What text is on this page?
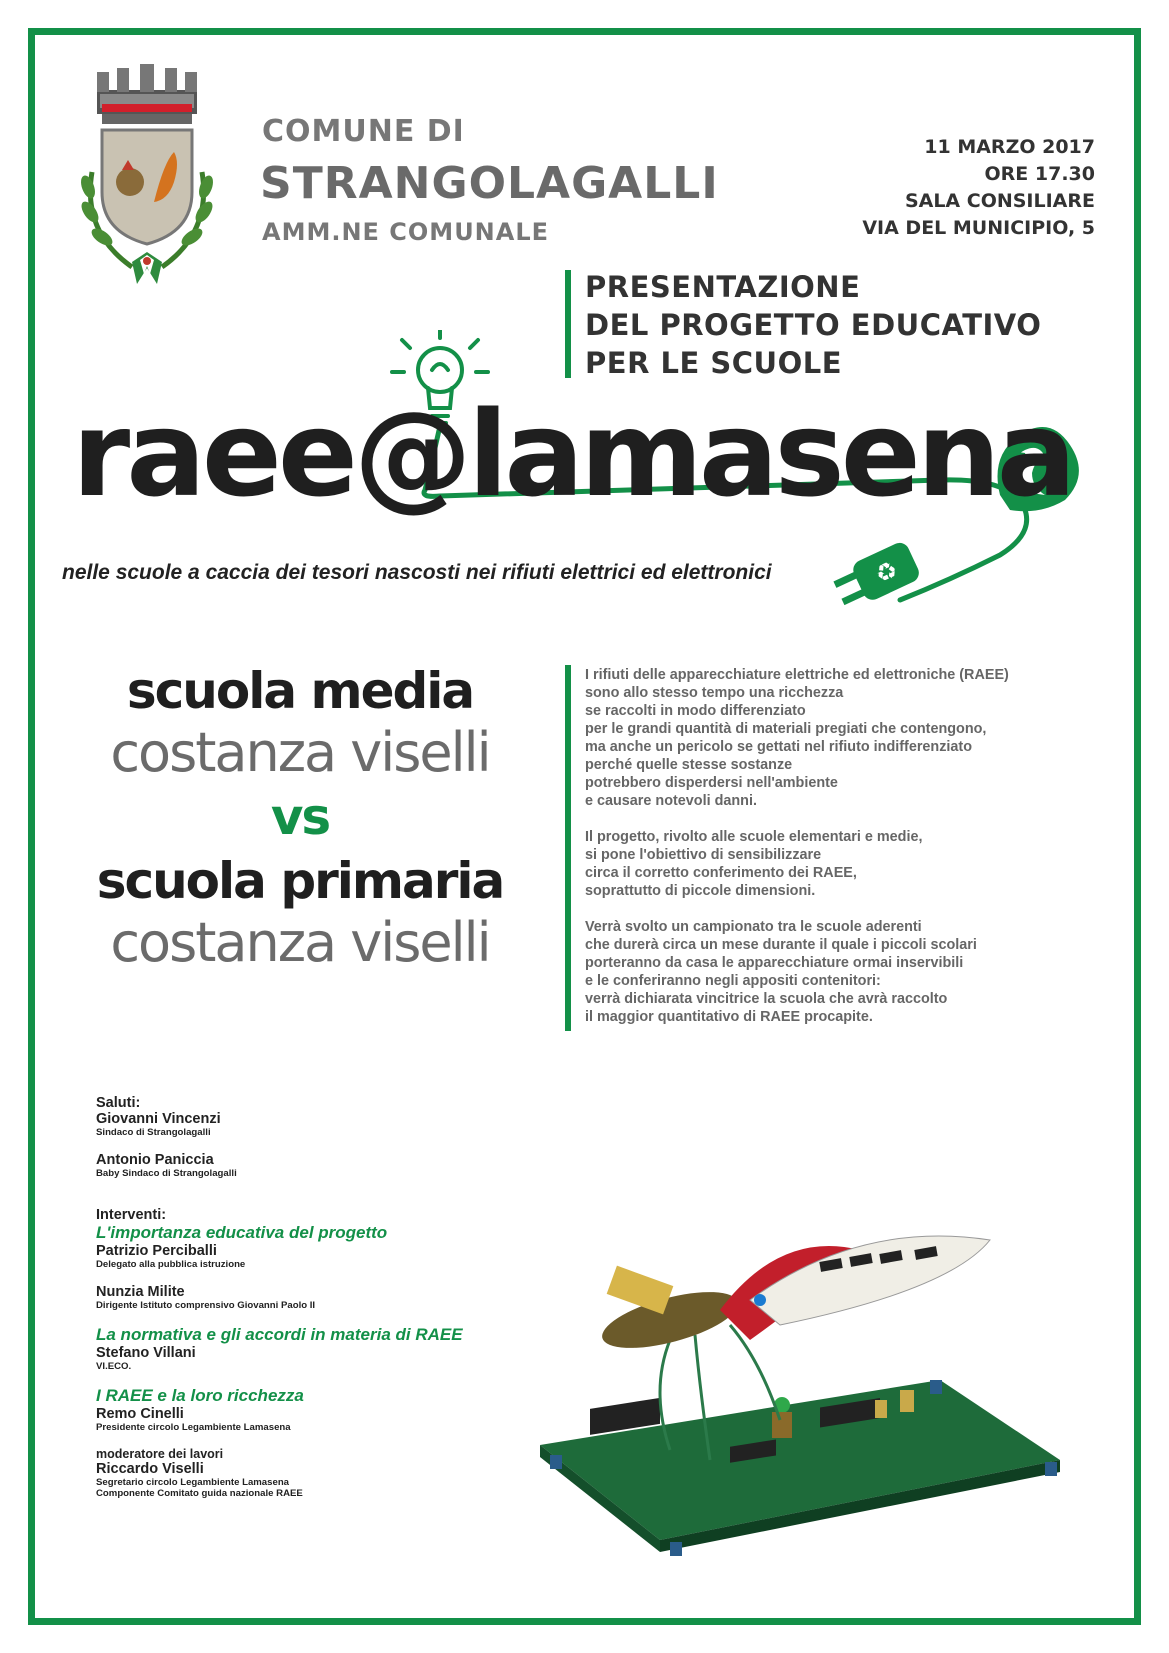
COMUNE DI
STRANGOLAGALLI
AMM.NE COMUNALE
11 MARZO 2017
ORE 17.30
SALA CONSILIARE
VIA DEL MUNICIPIO, 5
PRESENTAZIONE
DEL PROGETTO EDUCATIVO
PER LE SCUOLE
♻
raee@lamasena
nelle scuole a caccia dei tesori nascosti nei rifiuti elettrici ed elettronici
scuola media
costanza viselli
vs
scuola primaria
costanza viselli

I rifiuti delle apparecchiature elettriche ed elettroniche (RAEE)
sono allo stesso tempo una ricchezza
se raccolti in modo differenziato
per le grandi quantità di materiali pregiati che contengono,
ma anche un pericolo se gettati nel rifiuto indifferenziato
perché quelle stesse sostanze
potrebbero disperdersi nell'ambiente
e causare notevoli danni.

Il progetto, rivolto alle scuole elementari e medie,
si pone l'obiettivo di sensibilizzare
circa il corretto conferimento dei RAEE,
soprattutto di piccole dimensioni.

Verrà svolto un campionato tra le scuole aderenti
che durerà circa un mese durante il quale i piccoli scolari
porteranno da casa le apparecchiature ormai inservibili
e le conferiranno negli appositi contenitori:
verrà dichiarata vincitrice la scuola che avrà raccolto
il maggior quantitativo di RAEE procapite.

Saluti:
Giovanni Vincenzi
Sindaco di Strangolagalli
Antonio Paniccia
Baby Sindaco di Strangolagalli
Interventi:
L'importanza educativa del progetto
Patrizio Perciballi
Delegato alla pubblica istruzione
Nunzia Milite
Dirigente Istituto comprensivo Giovanni Paolo II
La normativa e gli accordi in materia di RAEE
Stefano Villani
VI.ECO.
I RAEE e la loro ricchezza
Remo Cinelli
Presidente circolo Legambiente Lamasena
moderatore dei lavori
Riccardo Viselli
Segretario circolo Legambiente Lamasena
Componente Comitato guida nazionale RAEE
